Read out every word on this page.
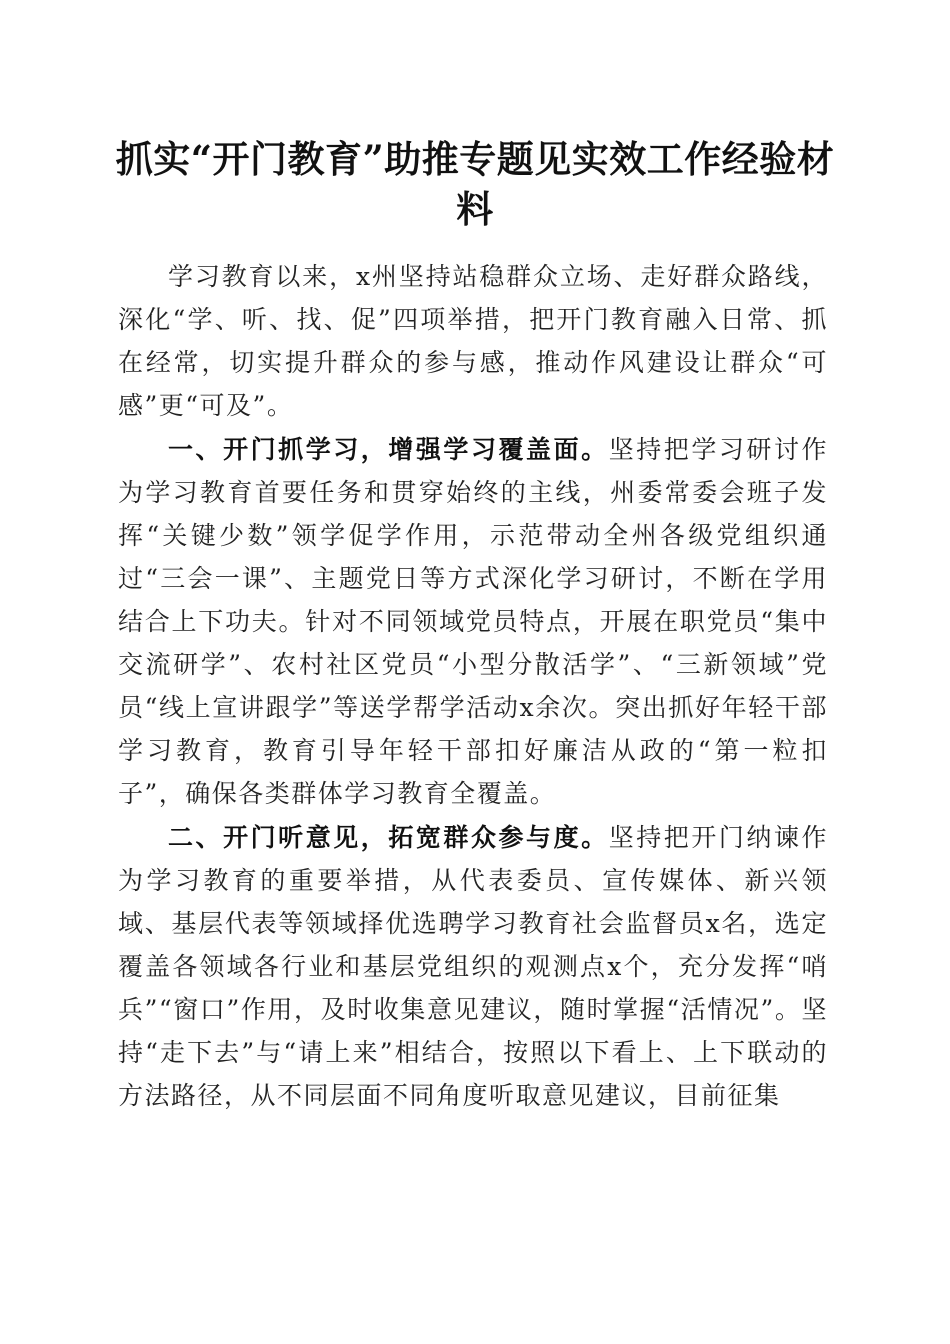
抓实“开门教育”助推专题见实效工作经验材料

学习教育以来，x州坚持站稳群众立场、走好群众路线，深化“学、听、找、促”四项举措，把开门教育融入日常、抓在经常，切实提升群众的参与感，推动作风建设让群众“可感”更“可及”。

一、开门抓学习，增强学习覆盖面。坚持把学习研讨作为学习教育首要任务和贯穿始终的主线，州委常委会班子发挥“关键少数”领学促学作用，示范带动全州各级党组织通过“三会一课”、主题党日等方式深化学习研讨，不断在学用结合上下功夫。针对不同领域党员特点，开展在职党员“集中交流研学”、农村社区党员“小型分散活学”、“三新领域”党员“线上宣讲跟学”等送学帮学活动x余次。突出抓好年轻干部学习教育，教育引导年轻干部扣好廉洁从政的“第一粒扣子”，确保各类群体学习教育全覆盖。

二、开门听意见，拓宽群众参与度。坚持把开门纳谏作为学习教育的重要举措，从代表委员、宣传媒体、新兴领域、基层代表等领域择优选聘学习教育社会监督员x名，选定覆盖各领域各行业和基层党组织的观测点x个，充分发挥“哨兵”“窗口”作用，及时收集意见建议，随时掌握“活情况”。坚持“走下去”与“请上来”相结合，按照以下看上、上下联动的方法路径，从不同层面不同角度听取意见建议，目前征集
